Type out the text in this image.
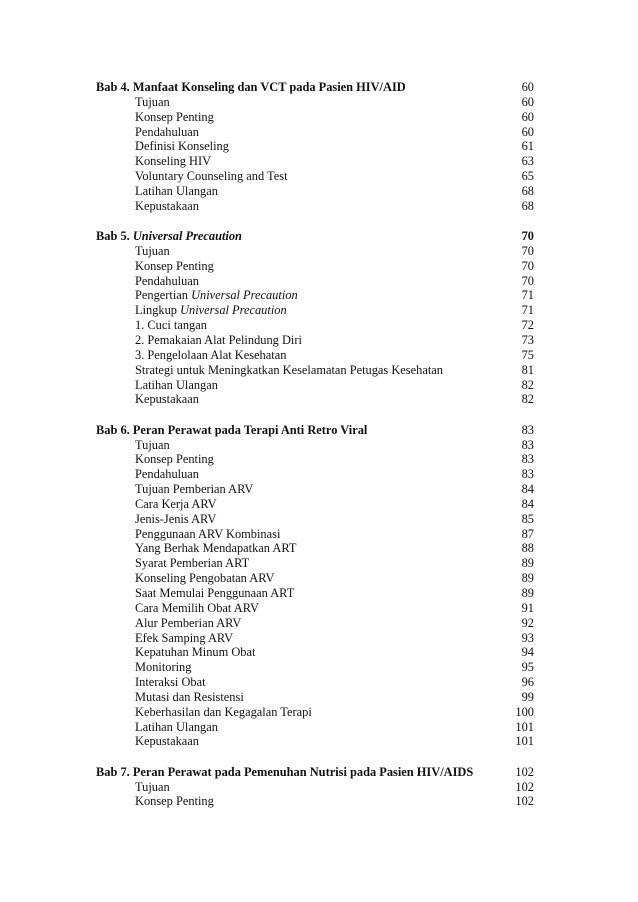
Bab 4. Manfaat Konseling dan VCT pada Pasien HIV/AID	60
Tujuan	60
Konsep Penting	60
Pendahuluan	60
Definisi Konseling	61
Konseling HIV	63
Voluntary Counseling and Test	65
Latihan Ulangan	68
Kepustakaan	68
Bab 5. Universal Precaution	70
Tujuan	70
Konsep Penting	70
Pendahuluan	70
Pengertian Universal Precaution	71
Lingkup Universal Precaution	71
1. Cuci tangan	72
2. Pemakaian Alat Pelindung Diri	73
3. Pengelolaan Alat Kesehatan	75
Strategi untuk Meningkatkan Keselamatan Petugas Kesehatan	81
Latihan Ulangan	82
Kepustakaan	82
Bab 6. Peran Perawat pada Terapi Anti Retro Viral	83
Tujuan	83
Konsep Penting	83
Pendahuluan	83
Tujuan Pemberian ARV	84
Cara Kerja ARV	84
Jenis-Jenis ARV	85
Penggunaan ARV Kombinasi	87
Yang Berhak Mendapatkan ART	88
Syarat Pemberian ART	89
Konseling Pengobatan ARV	89
Saat Memulai Penggunaan ART	89
Cara Memilih Obat ARV	91
Alur Pemberian ARV	92
Efek Samping ARV	93
Kepatuhan Minum Obat	94
Monitoring	95
Interaksi Obat	96
Mutasi dan Resistensi	99
Keberhasilan dan Kegagalan Terapi	100
Latihan Ulangan	101
Kepustakaan	101
Bab 7. Peran Perawat pada Pemenuhan Nutrisi pada Pasien HIV/AIDS	102
Tujuan	102
Konsep Penting	102
